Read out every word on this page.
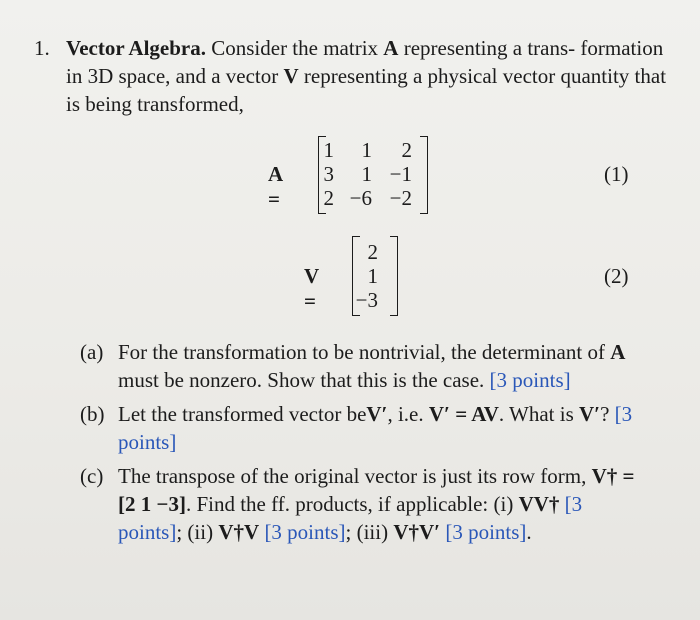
1. Vector Algebra. Consider the matrix A representing a trans- formation in 3D space, and a vector V representing a physical vector quantity that is being transformed,
A =
1	1	2
3	1 −1
2 −6 −2
(1)
V =
2
1
−3
(2)
(a) For the transformation to be nontrivial, the determinant of A must be nonzero. Show that this is the case. [3 points]
(b) Let the transformed vector beV′, i.e. V′ = AV. What is V′? [3 points]
(c) The transpose of the original vector is just its row form, V† = [2 1 −3]. Find the ff. products, if applicable: (i) VV† [3 points]; (ii) V†V [3 points]; (iii) V†V′ [3 points].
